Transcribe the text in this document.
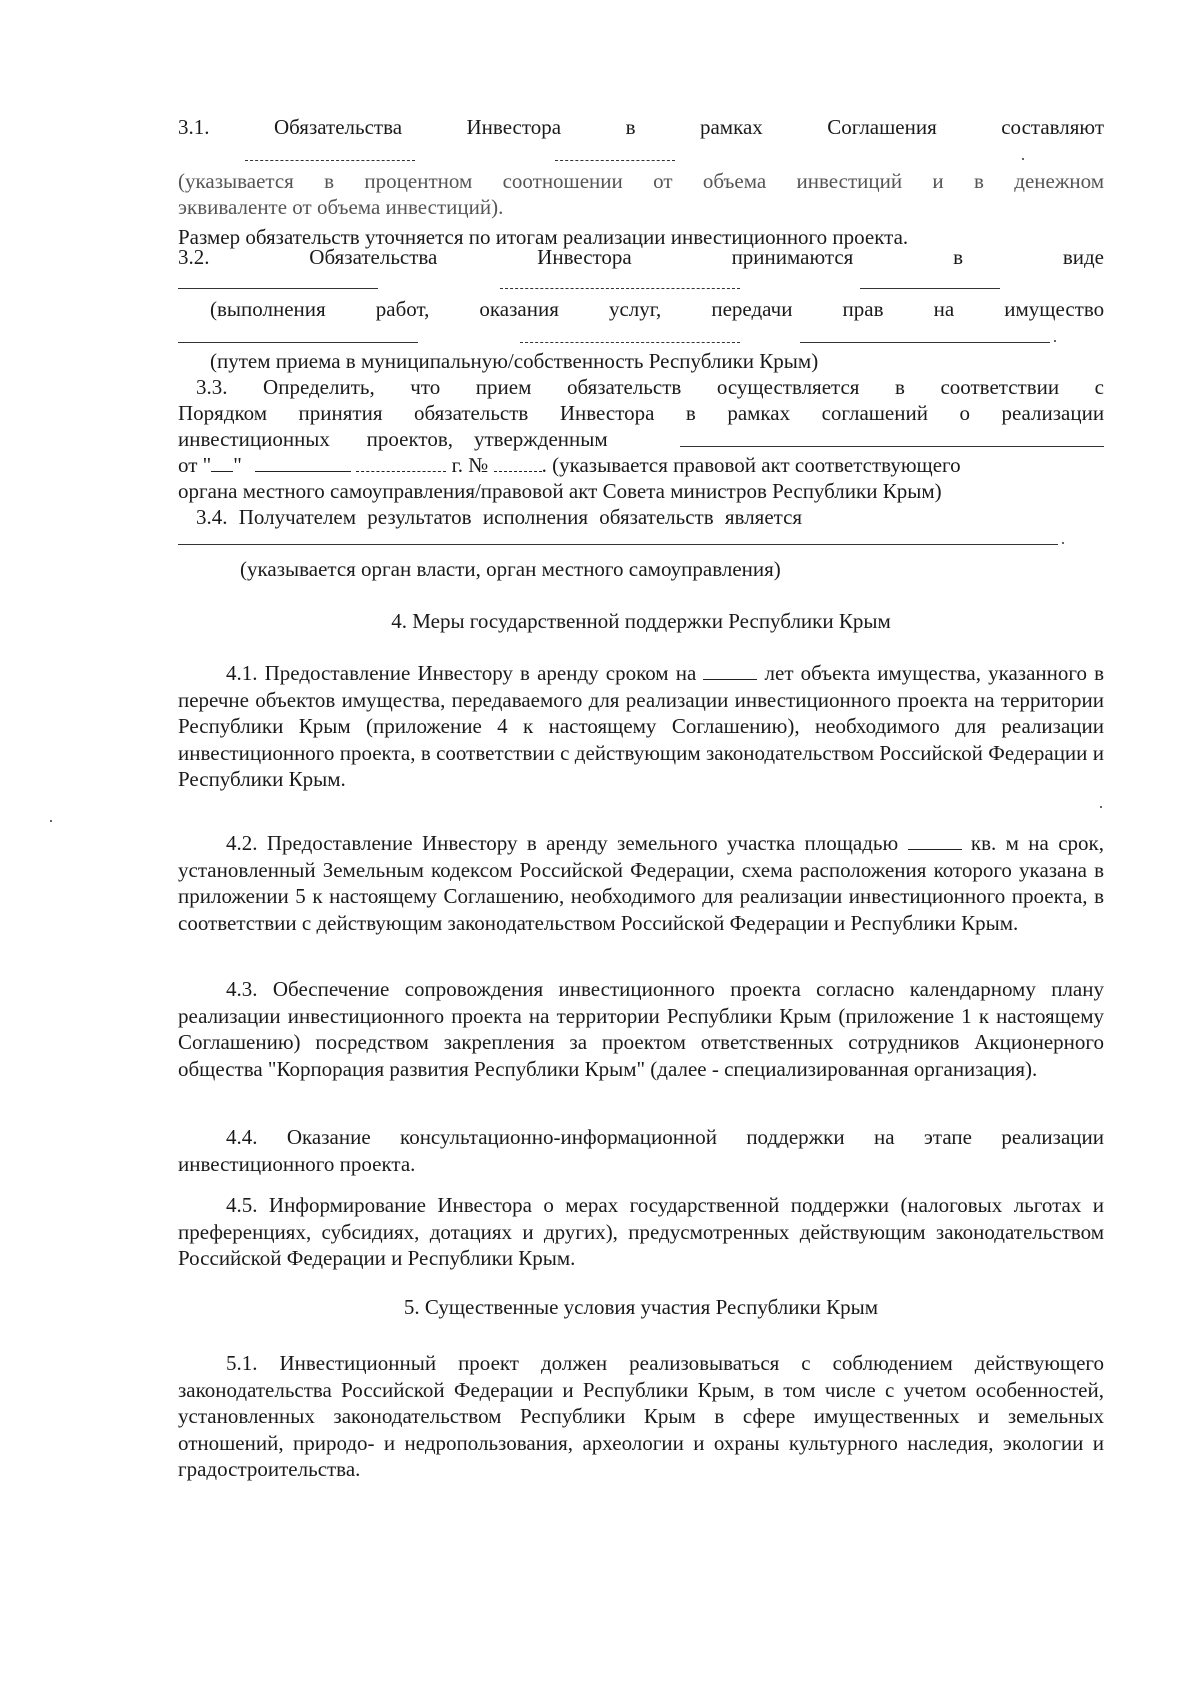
3.1.	Обязательства	Инвестора	в	рамках	Соглашения	составляют
(указывается в процентном соотношении от объема инвестиций и в денежном
эквиваленте от объема инвестиций).
Размер обязательств уточняется по итогам реализации инвестиционного проекта.
3.2.	Обязательства	Инвестора	принимаются	в	виде
(выполнения работ, оказания услуг, передачи прав на имущество
(путем приема в муниципальную/собственность Республики Крым)
3.3. Определить, что прием обязательств осуществляется в соответствии с
Порядком принятия обязательств Инвестора в рамках соглашений о реализации
инвестиционных проектов, утвержденным
от " "	г. №	. (указывается правовой акт соответствующего
органа местного самоуправления/правовой акт Совета министров Республики Крым)
3.4. Получателем результатов исполнения обязательств является
(указывается орган власти, орган местного самоуправления)
4. Меры государственной поддержки Республики Крым

4.1. Предоставление Инвестору в аренду сроком на	лет объекта имущества, указанного в перечне объектов имущества, передаваемого для реализации инвестиционного проекта на территории Республики Крым (приложение 4 к настоящему Соглашению), необходимого для реализации инвестиционного проекта, в соответствии с действующим законодательством Российской Федерации и Республики Крым.

4.2. Предоставление Инвестору в аренду земельного участка площадью	кв. м на срок, установленный Земельным кодексом Российской Федерации, схема расположения которого указана в приложении 5 к настоящему Соглашению, необходимого для реализации инвестиционного проекта, в соответствии с действующим законодательством Российской Федерации и Республики Крым.

4.3. Обеспечение сопровождения инвестиционного проекта согласно календарному плану реализации инвестиционного проекта на территории Республики Крым (приложение 1 к настоящему Соглашению) посредством закрепления за проектом ответственных сотрудников Акционерного общества "Корпорация развития Республики Крым" (далее - специализированная организация).

4.4. Оказание консультационно-информационной поддержки на этапе реализации инвестиционного проекта.

4.5. Информирование Инвестора о мерах государственной поддержки (налоговых льготах и преференциях, субсидиях, дотациях и других), предусмотренных действующим законодательством Российской Федерации и Республики Крым.

5. Существенные условия участия Республики Крым

5.1. Инвестиционный проект должен реализовываться с соблюдением действующего законодательства Российской Федерации и Республики Крым, в том числе с учетом особенностей, установленных законодательством Республики Крым в сфере имущественных и земельных отношений, природо- и недропользования, археологии и охраны культурного наследия, экологии и градостроительства.
